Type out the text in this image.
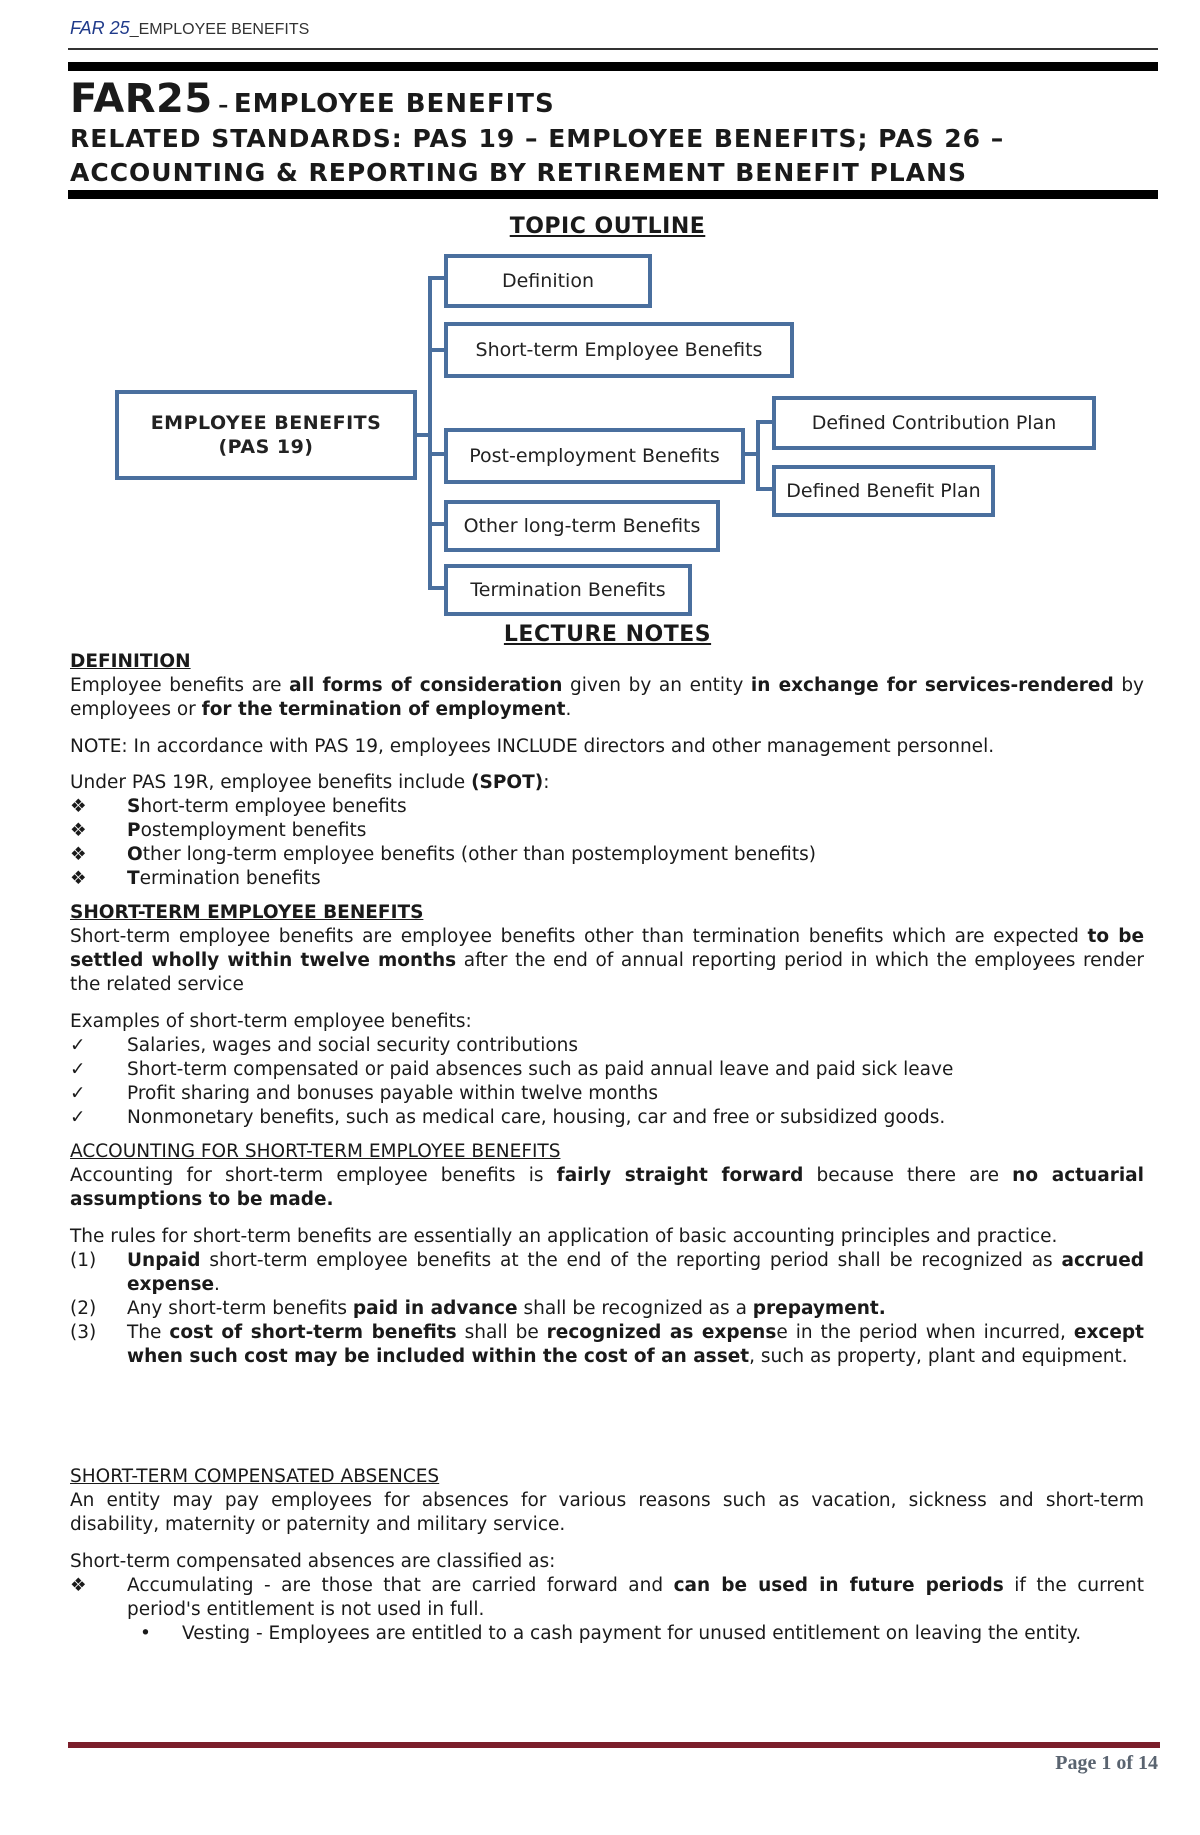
FAR 25_EMPLOYEE BENEFITS
FAR25 – EMPLOYEE BENEFITS
RELATED STANDARDS: PAS 19 – EMPLOYEE BENEFITS; PAS 26 –
ACCOUNTING & REPORTING BY RETIREMENT BENEFIT PLANS
TOPIC OUTLINE
EMPLOYEE BENEFITS
(PAS 19)
Definition
Short-term Employee Benefits
Post-employment Benefits
Other long-term Benefits
Termination Benefits
Defined Contribution Plan
Defined Benefit Plan
LECTURE NOTES
DEFINITION
Employee benefits are all forms of consideration given by an entity in exchange for services-rendered by employees or for the termination of employment.
NOTE: In accordance with PAS 19, employees INCLUDE directors and other management personnel.
Under PAS 19R, employee benefits include (SPOT):
❖	Short-term employee benefits
❖	Postemployment benefits
❖	Other long-term employee benefits (other than postemployment benefits)
❖	Termination benefits
SHORT-TERM EMPLOYEE BENEFITS
Short-term employee benefits are employee benefits other than termination benefits which are expected to be settled wholly within twelve months after the end of annual reporting period in which the employees render the related service
Examples of short-term employee benefits:
✓	Salaries, wages and social security contributions
✓	Short-term compensated or paid absences such as paid annual leave and paid sick leave
✓	Profit sharing and bonuses payable within twelve months
✓	Nonmonetary benefits, such as medical care, housing, car and free or subsidized goods.
ACCOUNTING FOR SHORT-TERM EMPLOYEE BENEFITS
Accounting for short-term employee benefits is fairly straight forward because there are no actuarial assumptions to be made.
The rules for short-term benefits are essentially an application of basic accounting principles and practice.
(1) Unpaid short-term employee benefits at the end of the reporting period shall be recognized as accrued expense.
(2) Any short-term benefits paid in advance shall be recognized as a prepayment.
(3) The cost of short-term benefits shall be recognized as expense in the period when incurred, except when such cost may be included within the cost of an asset, such as property, plant and equipment.
SHORT-TERM COMPENSATED ABSENCES
An entity may pay employees for absences for various reasons such as vacation, sickness and short-term disability, maternity or paternity and military service.
Short-term compensated absences are classified as:
❖	Accumulating - are those that are carried forward and can be used in future periods if the current period's entitlement is not used in full.
•	Vesting - Employees are entitled to a cash payment for unused entitlement on leaving the entity.
Page 1 of 14
